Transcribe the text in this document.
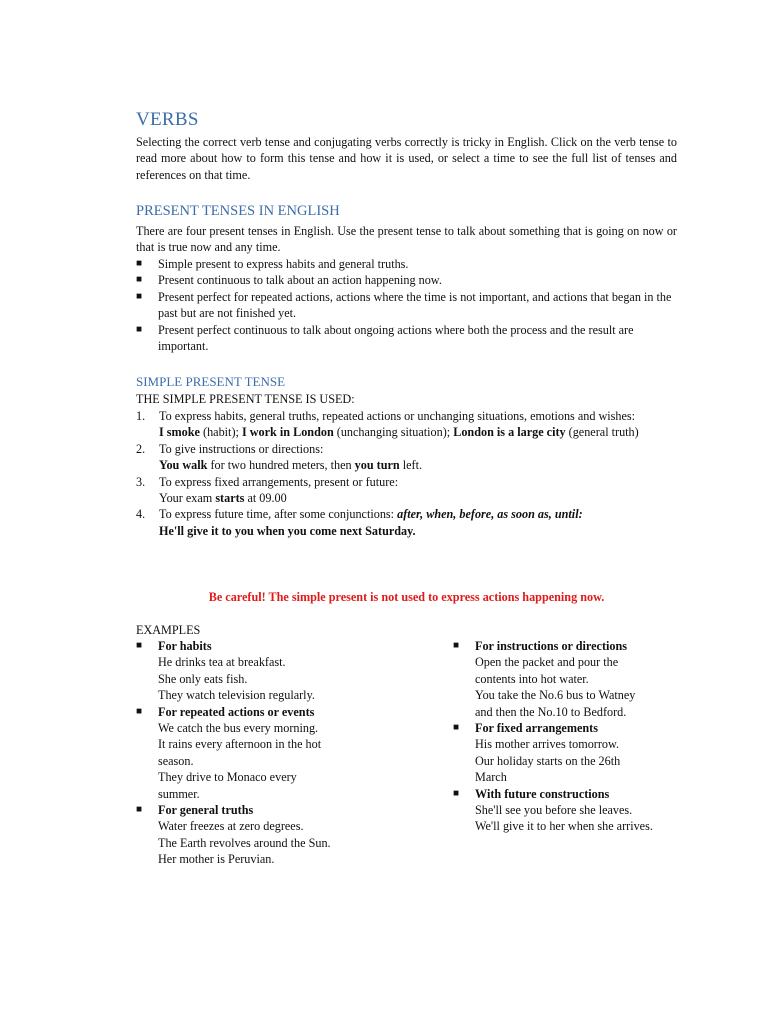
VERBS

Selecting the correct verb tense and conjugating verbs correctly is tricky in English. Click on the verb tense to read more about how to form this tense and how it is used, or select a time to see the full list of tenses and references on that time.

PRESENT TENSES IN ENGLISH

There are four present tenses in English. Use the present tense to talk about something that is going on now or that is true now and any time.

■ Simple present to express habits and general truths.
■ Present continuous to talk about an action happening now.
■ Present perfect for repeated actions, actions where the time is not important, and actions that began in the past but are not finished yet.
■ Present perfect continuous to talk about ongoing actions where both the process and the result are important.
SIMPLE PRESENT TENSE
THE SIMPLE PRESENT TENSE IS USED:
1. To express habits, general truths, repeated actions or unchanging situations, emotions and wishes:
I smoke (habit); I work in London (unchanging situation); London is a large city (general truth)
2. To give instructions or directions:
You walk for two hundred meters, then you turn left.
3. To express fixed arrangements, present or future:
Your exam starts at 09.00
4. To express future time, after some conjunctions: after, when, before, as soon as, until:
He'll give it to you when you come next Saturday.
Be careful! The simple present is not used to express actions happening now.
EXAMPLES
■ For habits
He drinks tea at breakfast.
She only eats fish.
They watch television regularly.
■ For repeated actions or events
We catch the bus every morning.
It rains every afternoon in the hot
season.
They drive to Monaco every
summer.
■ For general truths
Water freezes at zero degrees.
The Earth revolves around the Sun.
Her mother is Peruvian.
■ For instructions or directions
Open the packet and pour the
contents into hot water.
You take the No.6 bus to Watney
and then the No.10 to Bedford.
■ For fixed arrangements
His mother arrives tomorrow.
Our holiday starts on the 26th
March
■ With future constructions
She'll see you before she leaves.
We'll give it to her when she arrives.
